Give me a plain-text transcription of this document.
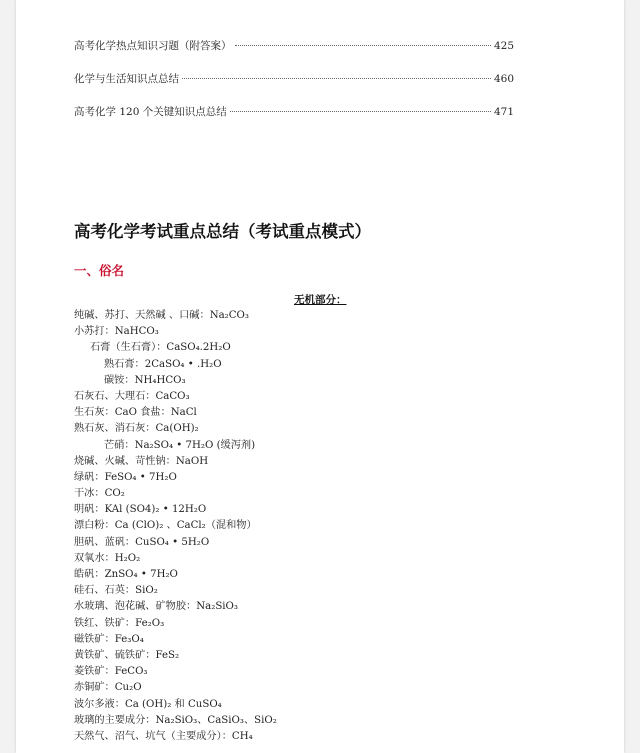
高考化学热点知识习题（附答案）	425
化学与生活知识点总结	460
高考化学 120 个关键知识点总结	471
高考化学考试重点总结（考试重点模式）
一、俗名
无机部分：
纯碱、苏打、天然碱 、口碱：Na₂CO₃
小苏打：NaHCO₃
石膏（生石膏）：CaSO₄.2H₂O
熟石膏：2CaSO₄ • .H₂O
碳铵：NH₄HCO₃
石灰石、大理石：CaCO₃
生石灰：CaO 食盐：NaCl
熟石灰、消石灰：Ca(OH)₂
芒硝：Na₂SO₄ • 7H₂O (缓泻剂)
烧碱、火碱、苛性钠：NaOH
绿矾：FeSO₄ • 7H₂O
干冰：CO₂
明矾：KAl (SO4)₂ • 12H₂O
漂白粉：Ca (ClO)₂ 、CaCl₂（混和物）
胆矾、蓝矾：CuSO₄ • 5H₂O
双氧水：H₂O₂
皓矾：ZnSO₄ • 7H₂O
硅石、石英：SiO₂
水玻璃、泡花碱、矿物胶：Na₂SiO₃
铁红、铁矿：Fe₂O₃
磁铁矿：Fe₃O₄
黄铁矿、硫铁矿：FeS₂
菱铁矿：FeCO₃
赤铜矿：Cu₂O
波尔多液：Ca (OH)₂ 和 CuSO₄
玻璃的主要成分：Na₂SiO₃、CaSiO₃、SiO₂
天然气、沼气、坑气（主要成分）：CH₄
